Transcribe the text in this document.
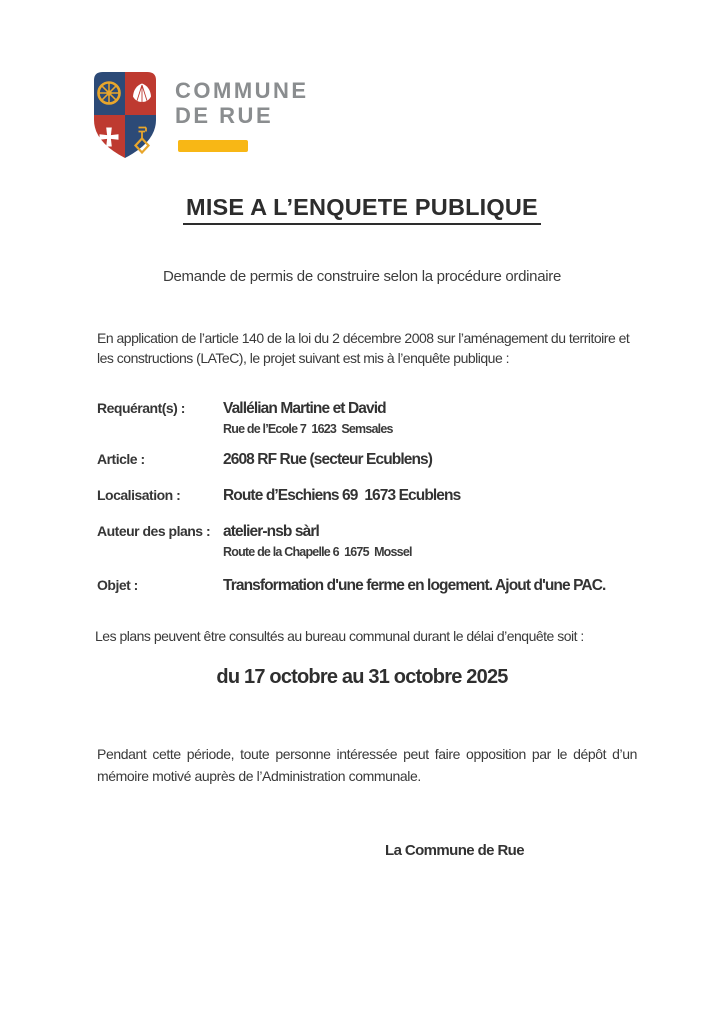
COMMUNE
DE RUE
MISE A L’ENQUETE PUBLIQUE
Demande de permis de construire selon la procédure ordinaire

En application de l’article 140 de la loi du 2 décembre 2008 sur l’aménagement du territoire et les constructions (LATeC), le projet suivant est mis à l’enquête publique :

Requérant(s) :	Vallélian Martine et David
Rue de l’Ecole 7  1623  Semsales
Article :	2608 RF Rue (secteur Ecublens)
Localisation :	Route d’Eschiens 69  1673 Ecublens
Auteur des plans : atelier-nsb sàrl
Route de la Chapelle 6  1675  Mossel
Objet :	Transformation d'une ferme en logement. Ajout d'une PAC.

Les plans peuvent être consultés au bureau communal durant le délai d’enquête soit :

du 17 octobre au 31 octobre 2025

Pendant cette période, toute personne intéressée peut faire opposition par le dépôt d’un mémoire motivé auprès de l’Administration communale.

La Commune de Rue
